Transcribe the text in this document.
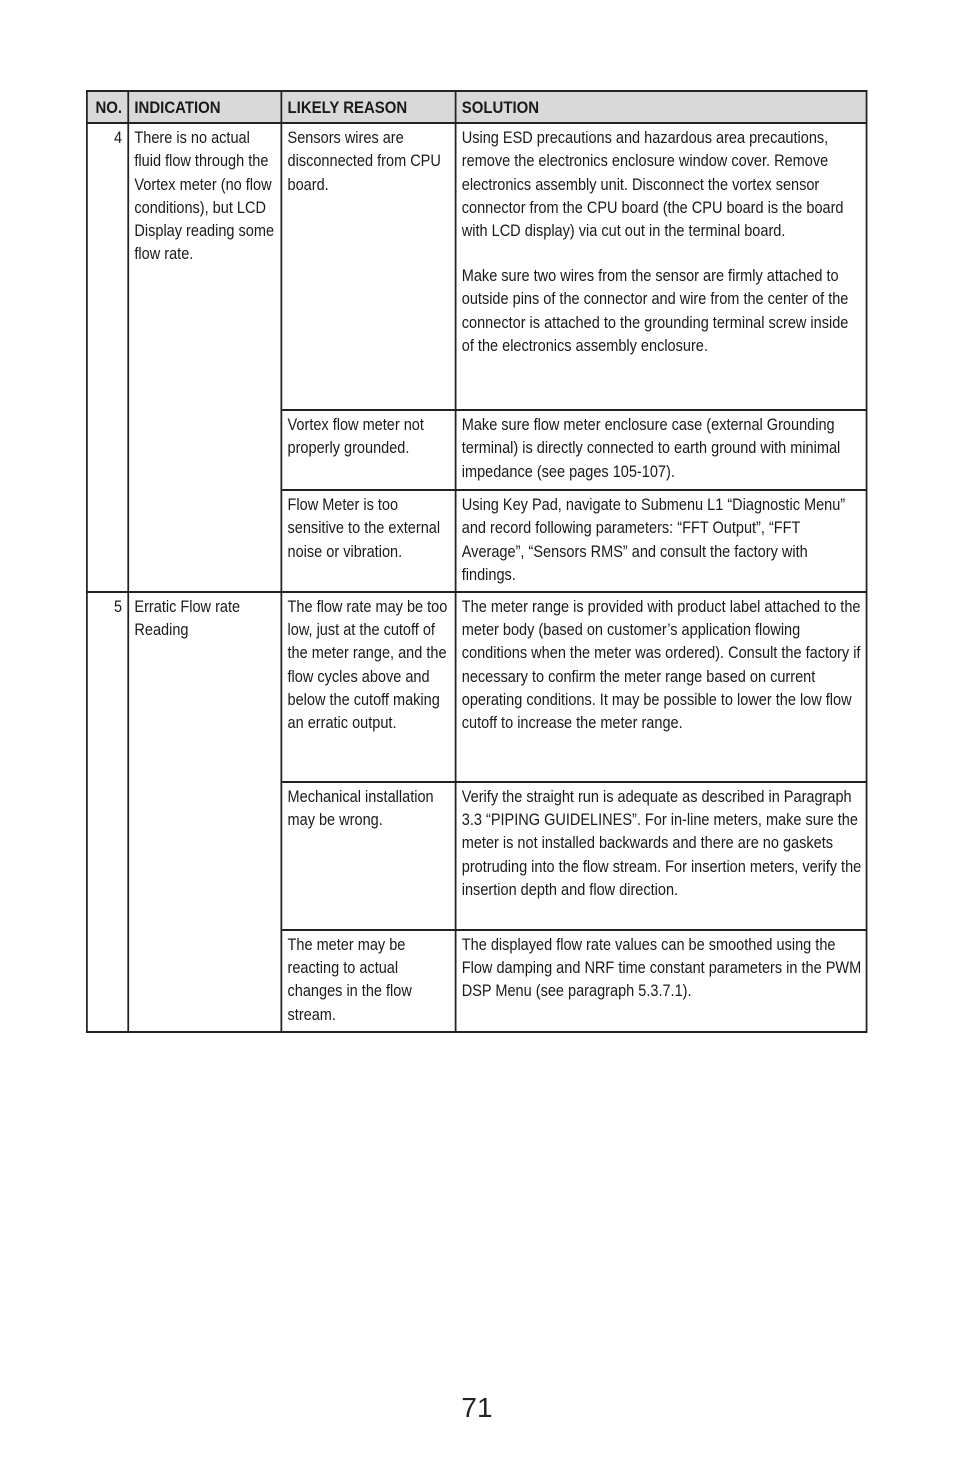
NO.	INDICATION	LIKELY REASON	SOLUTION
4	There is no actual fluid flow through the Vortex meter (no flow conditions), but LCD Display reading some flow rate.	Sensors wires are disconnected from CPU board.	Using ESD precautions and hazardous area precautions, remove the electronics enclosure window cover. Remove electronics assembly unit. Disconnect the vortex sensor connector from the CPU board (the CPU board is the board with LCD display) via cut out in the terminal board.

Make sure two wires from the sensor are firmly attached to outside pins of the connector and wire from the center of the connector is attached to the grounding terminal screw inside of the electronics assembly enclosure.

		Vortex flow meter not properly grounded.	Make sure flow meter enclosure case (external Grounding terminal) is directly connected to earth ground with minimal impedance (see pages 105-107).

		Flow Meter is too sensitive to the external noise or vibration.	Using Key Pad, navigate to Submenu L1 “Diagnostic Menu” and record following parameters: “FFT Output”, “FFT Average”, “Sensors RMS” and consult the factory with findings.

5	Erratic Flow rate Reading	The flow rate may be too low, just at the cutoff of the meter range, and the flow cycles above and below the cutoff making an erratic output.	The meter range is provided with product label attached to the meter body (based on customer’s application flowing conditions when the meter was ordered). Consult the factory if necessary to confirm the meter range based on current operating conditions. It may be possible to lower the low flow cutoff to increase the meter range.

		Mechanical installation may be wrong.	Verify the straight run is adequate as described in Paragraph 3.3 “PIPING GUIDELINES”. For in-line meters, make sure the meter is not installed backwards and there are no gaskets protruding into the flow stream. For insertion meters, verify the insertion depth and flow direction.

		The meter may be reacting to actual changes in the flow stream.	The displayed flow rate values can be smoothed using the Flow damping and NRF time constant parameters in the PWM DSP Menu (see paragraph 5.3.7.1).

71
